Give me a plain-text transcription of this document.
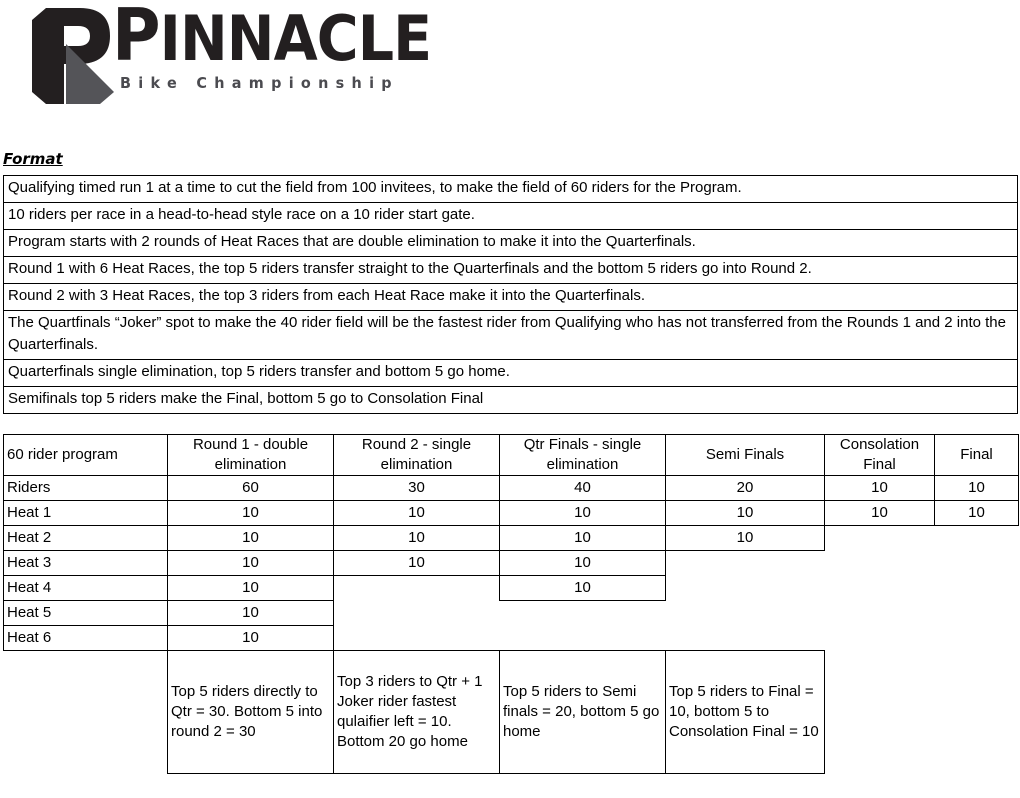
PINNACLE
Bike Championship
Format
Qualifying timed run 1 at a time to cut the field from 100 invitees, to make the field of 60 riders for the Program.
10 riders per race in a head-to-head style race on a 10 rider start gate.
Program starts with 2 rounds of Heat Races that are double elimination to make it into the Quarterfinals.
Round 1 with 6 Heat Races, the top 5 riders transfer straight to the Quarterfinals and the bottom 5 riders go into Round 2.
Round 2 with 3 Heat Races, the top 3 riders from each Heat Race make it into the Quarterfinals.
The Quartfinals “Joker” spot to make the 40 rider field will be the fastest rider from Qualifying who has not transferred from the Rounds 1 and 2 into the Quarterfinals.
Quarterfinals single elimination, top 5 riders transfer and bottom 5 go home.
Semifinals top 5 riders make the Final, bottom 5 go to Consolation Final
60 rider program	Round 1 - double elimination	Round 2 - single elimination	Qtr Finals - single elimination	Semi Finals	Consolation Final	Final
Riders	60	30	40	20	10	10
Heat 1	10	10	10	10	10	10
Heat 2	10	10	10	10		
Heat 3	10	10	10			
Heat 4	10		10			
Heat 5	10					
Heat 6	10					
	Top 5 riders directly to Qtr = 30. Bottom 5 into round 2 = 30	Top 3 riders to Qtr + 1 Joker rider fastest qulaifier left = 10. Bottom 20 go home	Top 5 riders to Semi finals = 20, bottom 5 go home	Top 5 riders to Final = 10, bottom 5 to Consolation Final = 10		
